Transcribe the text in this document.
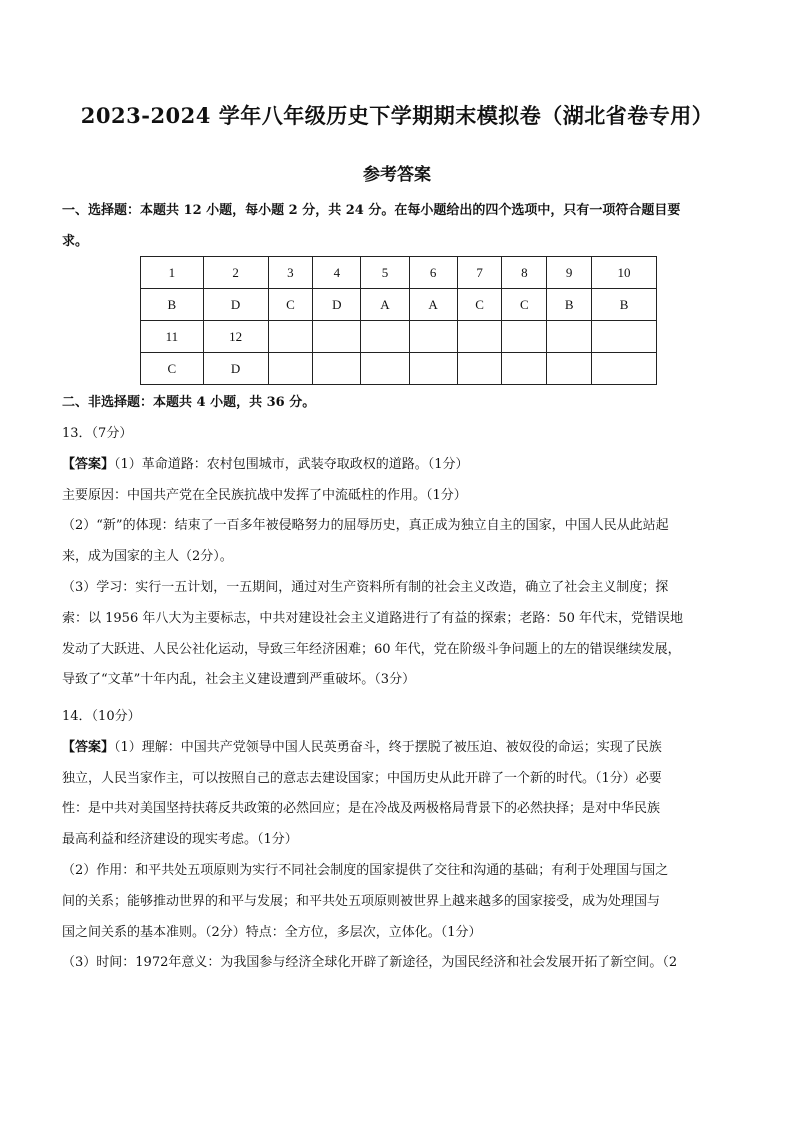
2023-2024 学年八年级历史下学期期末模拟卷（湖北省卷专用）
参考答案

一、选择题：本题共 12 小题，每小题 2 分，共 24 分。在每小题给出的四个选项中，只有一项符合题目要

求。

1	2	3	4	5	6	7	8	9	10
B	D	C	D	A	A	C	C	B	B
11	12								
C	D								
二、非选择题：本题共 4 小题，共 36 分。

13．（7分）

【答案】（1）革命道路：农村包围城市，武装夺取政权的道路。（1分）

主要原因：中国共产党在全民族抗战中发挥了中流砥柱的作用。（1分）

（2）“新”的体现：结束了一百多年被侵略努力的屈辱历史，真正成为独立自主的国家，中国人民从此站起

来，成为国家的主人（2分）。

（3）学习：实行一五计划，一五期间，通过对生产资料所有制的社会主义改造，确立了社会主义制度；探

索：以 1956 年八大为主要标志，中共对建设社会主义道路进行了有益的探索；老路：50 年代末，党错误地

发动了大跃进、人民公社化运动，导致三年经济困难；60 年代，党在阶级斗争问题上的左的错误继续发展，

导致了“文革”十年内乱，社会主义建设遭到严重破坏。（3分）

14．（10分）

【答案】（1）理解：中国共产党领导中国人民英勇奋斗，终于摆脱了被压迫、被奴役的命运；实现了民族

独立，人民当家作主，可以按照自己的意志去建设国家；中国历史从此开辟了一个新的时代。（1分）必要

性：是中共对美国坚持扶蒋反共政策的必然回应；是在冷战及两极格局背景下的必然抉择；是对中华民族

最高利益和经济建设的现实考虑。（1分）

（2）作用：和平共处五项原则为实行不同社会制度的国家提供了交往和沟通的基础；有利于处理国与国之

间的关系；能够推动世界的和平与发展；和平共处五项原则被世界上越来越多的国家接受，成为处理国与

国之间关系的基本准则。（2分）特点：全方位，多层次，立体化。（1分）

（3）时间：1972年意义：为我国参与经济全球化开辟了新途径，为国民经济和社会发展开拓了新空间。（2
